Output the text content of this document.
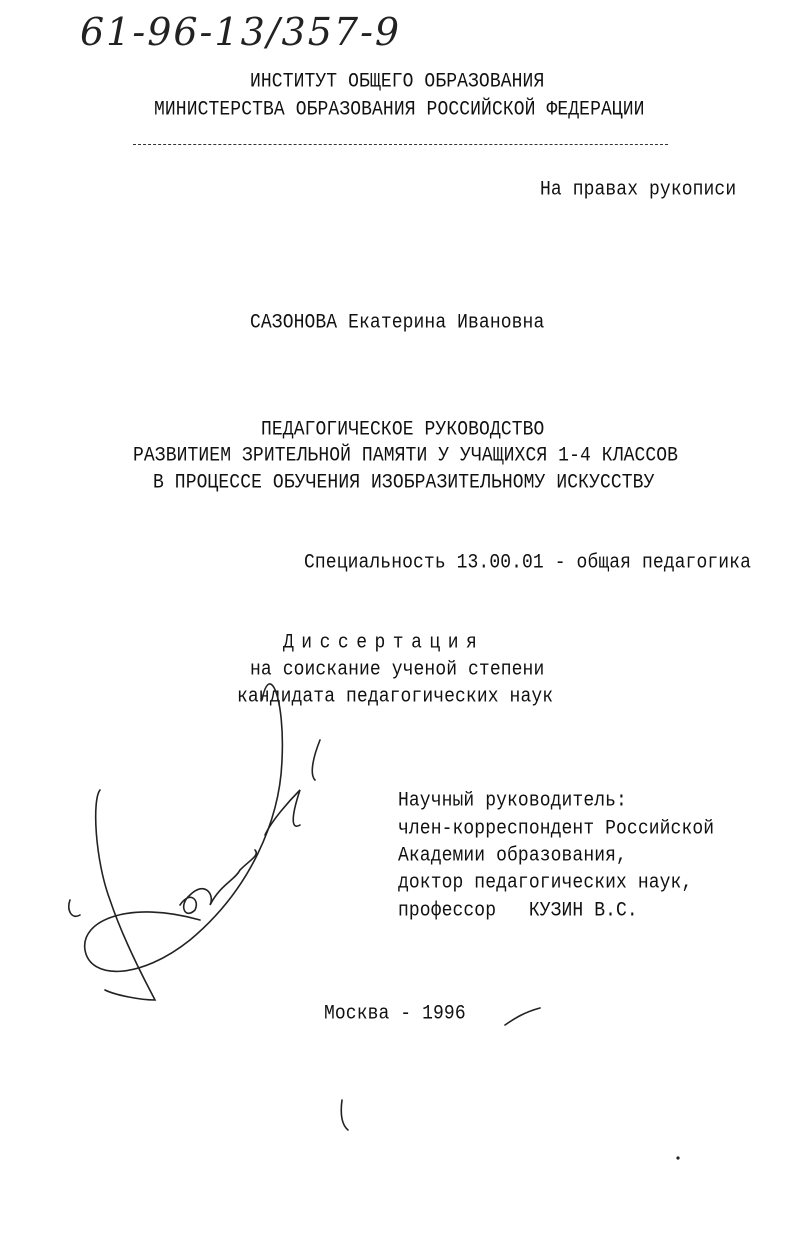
61-96-13/357-9
ИНСТИТУТ ОБЩЕГО ОБРАЗОВАНИЯ
МИНИСТЕРСТВА ОБРАЗОВАНИЯ РОССИЙСКОЙ ФЕДЕРАЦИИ
На правах рукописи
САЗОНОВА Екатерина Ивановна
ПЕДАГОГИЧЕСКОЕ РУКОВОДСТВО
РАЗВИТИЕМ ЗРИТЕЛЬНОЙ ПАМЯТИ У УЧАЩИХСЯ 1-4 КЛАССОВ
В ПРОЦЕССЕ ОБУЧЕНИЯ ИЗОБРАЗИТЕЛЬНОМУ ИСКУССТВУ
Специальность 13.00.01 - общая педагогика
Диссертация
на соискание ученой степени
кандидата педагогических наук
Научный руководитель:
член-корреспондент Российской
Академии образования,
доктор педагогических наук,
профессор   КУЗИН В.С.
Москва - 1996
